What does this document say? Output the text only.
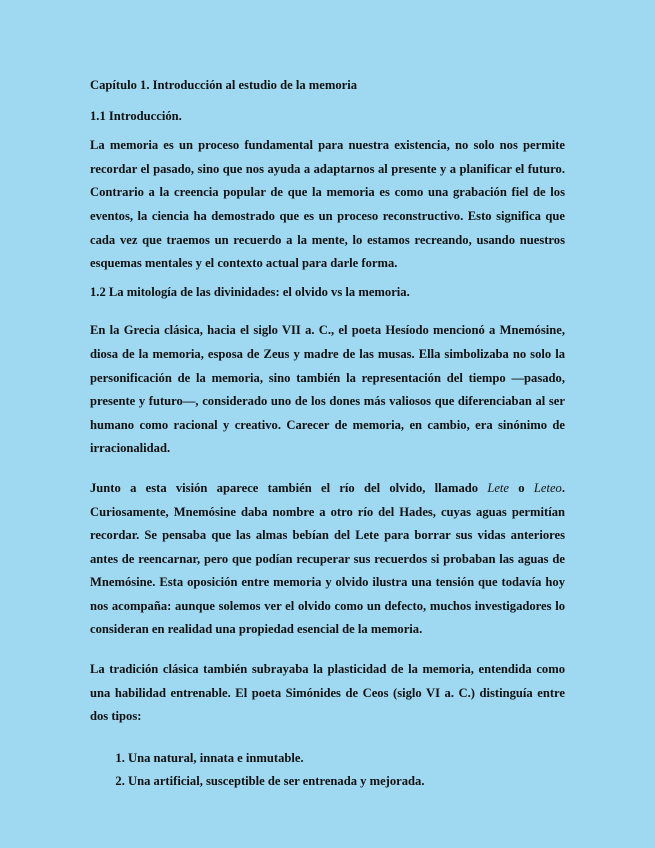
Capítulo 1. Introducción al estudio de la memoria

1.1 Introducción.

La memoria es un proceso fundamental para nuestra existencia, no solo nos permite recordar el pasado, sino que nos ayuda a adaptarnos al presente y a planificar el futuro. Contrario a la creencia popular de que la memoria es como una grabación fiel de los eventos, la ciencia ha demostrado que es un proceso reconstructivo. Esto significa que cada vez que traemos un recuerdo a la mente, lo estamos recreando, usando nuestros esquemas mentales y el contexto actual para darle forma.

1.2 La mitología de las divinidades: el olvido vs la memoria.

En la Grecia clásica, hacia el siglo VII a. C., el poeta Hesíodo mencionó a Mnemósine, diosa de la memoria, esposa de Zeus y madre de las musas. Ella simbolizaba no solo la personificación de la memoria, sino también la representación del tiempo —pasado, presente y futuro—, considerado uno de los dones más valiosos que diferenciaban al ser humano como racional y creativo. Carecer de memoria, en cambio, era sinónimo de irracionalidad.

Junto a esta visión aparece también el río del olvido, llamado Lete o Leteo. Curiosamente, Mnemósine daba nombre a otro río del Hades, cuyas aguas permitían recordar. Se pensaba que las almas bebían del Lete para borrar sus vidas anteriores antes de reencarnar, pero que podían recuperar sus recuerdos si probaban las aguas de Mnemósine. Esta oposición entre memoria y olvido ilustra una tensión que todavía hoy nos acompaña: aunque solemos ver el olvido como un defecto, muchos investigadores lo consideran en realidad una propiedad esencial de la memoria.

La tradición clásica también subrayaba la plasticidad de la memoria, entendida como una habilidad entrenable. El poeta Simónides de Ceos (siglo VI a. C.) distinguía entre dos tipos:

1. Una natural, innata e inmutable.
2. Una artificial, susceptible de ser entrenada y mejorada.
